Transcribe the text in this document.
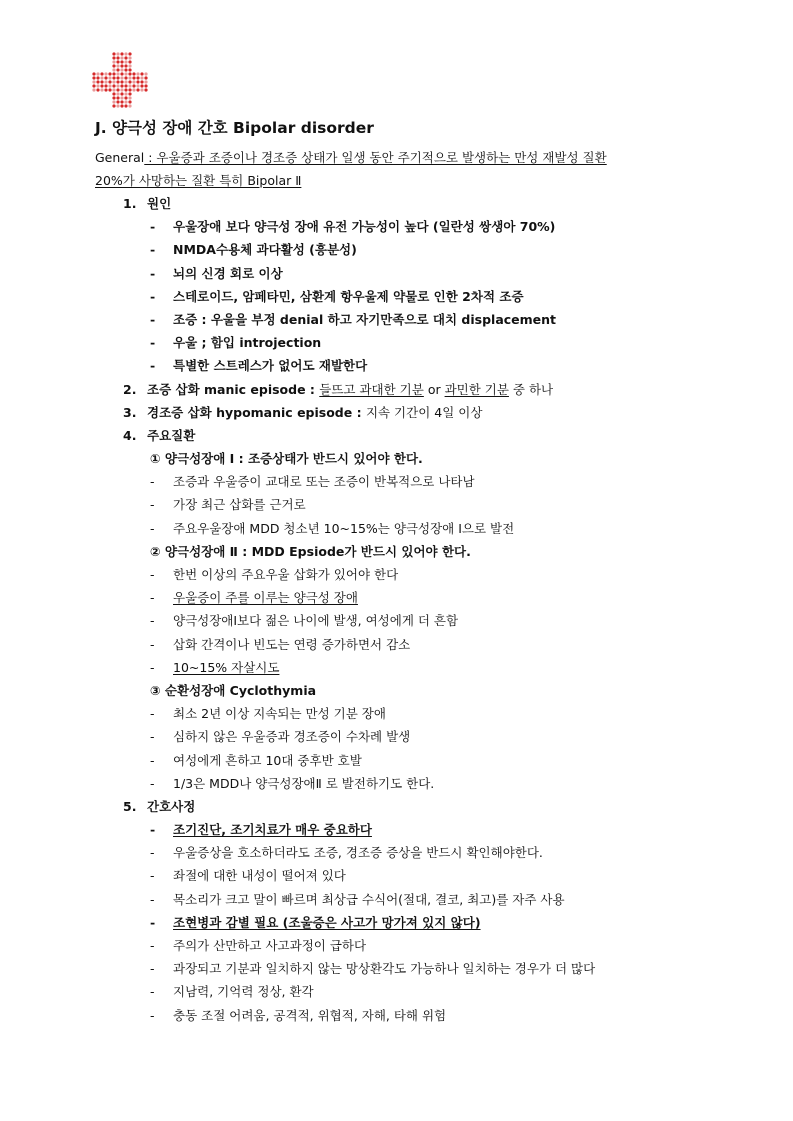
J. 양극성 장애 간호 Bipolar disorder
General : 우울증과 조증이나 경조증 상태가 일생 동안 주기적으로 발생하는 만성 재발성 질환
20%가 사망하는 질환 특히 Bipolar Ⅱ
1. 원인
- 우울장애 보다 양극성 장애 유전 가능성이 높다 (일란성 쌍생아 70%)
- NMDA수용체 과다활성 (흥분성)
- 뇌의 신경 회로 이상
- 스테로이드, 암페타민, 삼환계 항우울제 약물로 인한 2차적 조증
- 조증 : 우울을 부정 denial 하고 자기만족으로 대치 displacement
- 우울 ; 함입 introjection
- 특별한 스트레스가 없어도 재발한다
2. 조증 삽화 manic episode : 들뜨고 과대한 기분 or 과민한 기분 중 하나
3. 경조증 삽화 hypomanic episode : 지속 기간이 4일 이상
4. 주요질환
① 양극성장애 Ⅰ : 조증상태가 반드시 있어야 한다.
- 조증과 우울증이 교대로 또는 조증이 반복적으로 나타남
- 가장 최근 삽화를 근거로
- 주요우울장애 MDD 청소년 10~15%는 양극성장애 Ⅰ으로 발전
② 양극성장애 Ⅱ : MDD Epsiode가 반드시 있어야 한다.
- 한번 이상의 주요우울 삽화가 있어야 한다
- 우울증이 주를 이루는 양극성 장애
- 양극성장애Ⅰ보다 젊은 나이에 발생, 여성에게 더 흔함
- 삽화 간격이나 빈도는 연령 증가하면서 감소
- 10~15% 자살시도
③ 순환성장애 Cyclothymia
- 최소 2년 이상 지속되는 만성 기분 장애
- 심하지 않은 우울증과 경조증이 수차례 발생
- 여성에게 흔하고 10대 중후반 호발
- 1/3은 MDD나 양극성장애Ⅱ 로 발전하기도 한다.
5. 간호사정
- 조기진단, 조기치료가 매우 중요하다
- 우울증상을 호소하더라도 조증, 경조증 증상을 반드시 확인해야한다.
- 좌절에 대한 내성이 떨어져 있다
- 목소리가 크고 말이 빠르며 최상급 수식어(절대, 결코, 최고)를 자주 사용
- 조현병과 감별 필요 (조울증은 사고가 망가져 있지 않다)
- 주의가 산만하고 사고과정이 급하다
- 과장되고 기분과 일치하지 않는 망상환각도 가능하나 일치하는 경우가 더 많다
- 지남력, 기억력 정상, 환각
- 충동 조절 어려움, 공격적, 위협적, 자해, 타해 위험
